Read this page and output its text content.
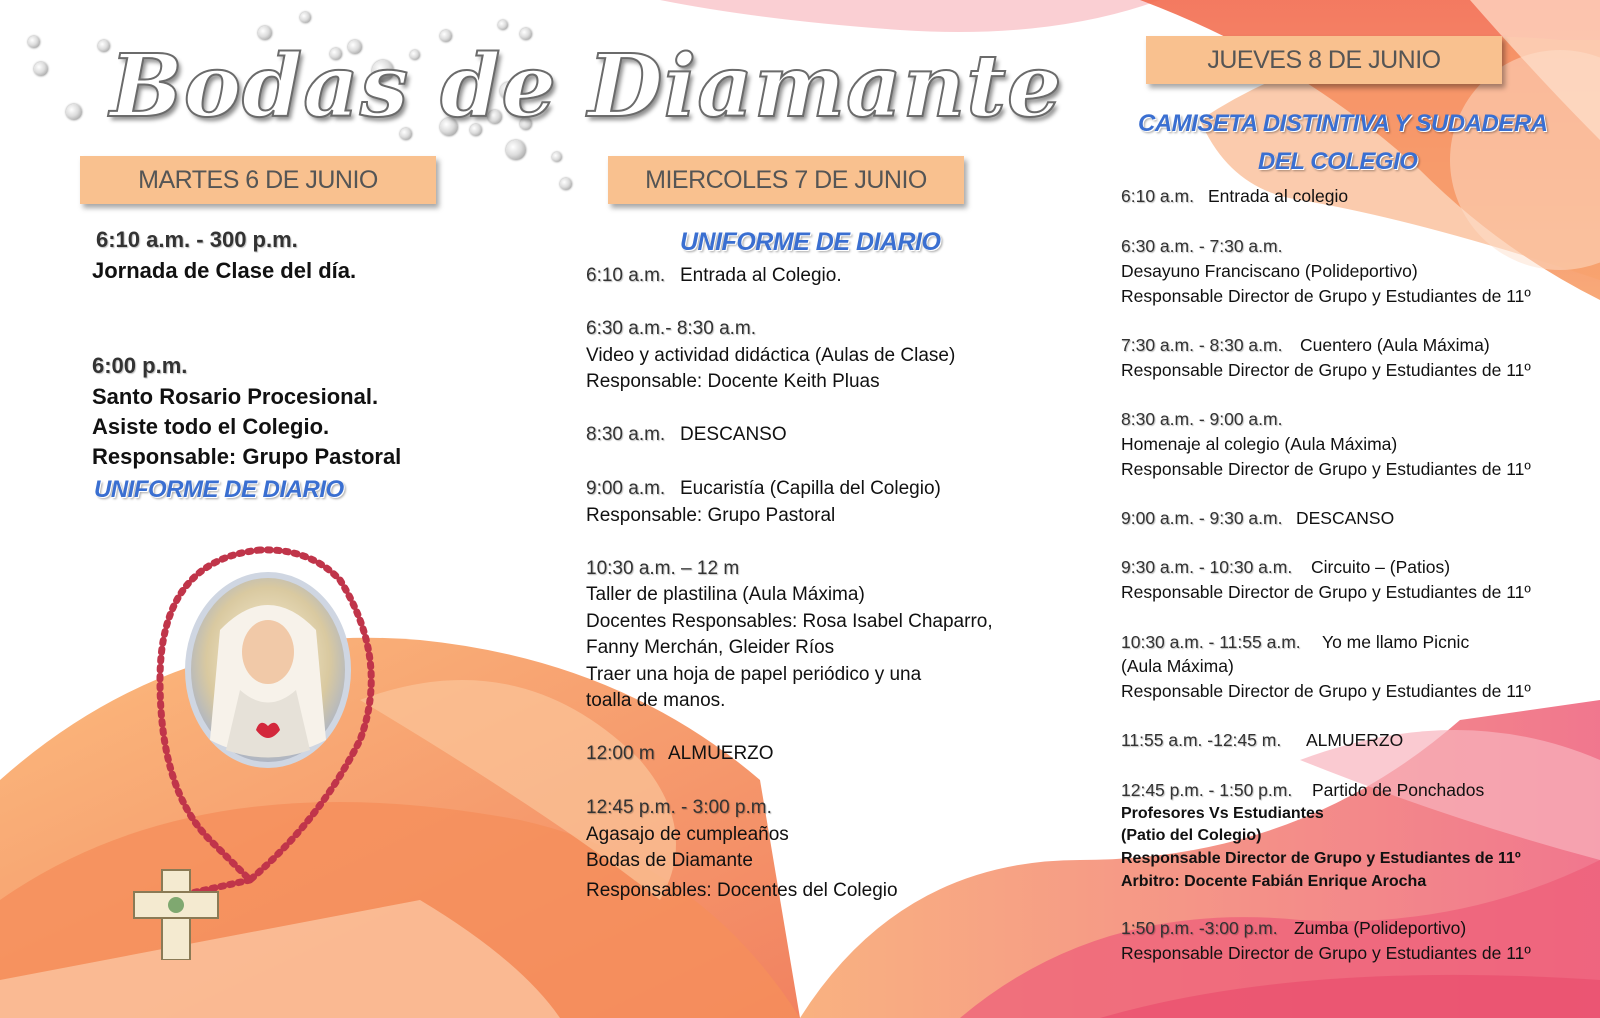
Bodas de Diamante
MARTES 6 DE JUNIO
6:10 a.m. - 300 p.m.
Jornada de Clase del día.
6:00 p.m.
Santo Rosario Procesional.
Asiste todo el Colegio.
Responsable: Grupo Pastoral
UNIFORME DE DIARIO
MIERCOLES 7 DE JUNIO
UNIFORME DE DIARIO
6:10 a.m. Entrada al Colegio.
6:30 a.m.- 8:30 a.m.
Video y actividad didáctica (Aulas de Clase)
Responsable: Docente Keith Pluas
8:30 a.m. DESCANSO
9:00 a.m. Eucaristía (Capilla del Colegio)
Responsable: Grupo Pastoral
10:30 a.m. – 12 m
Taller de plastilina (Aula Máxima)
Docentes Responsables: Rosa Isabel Chaparro,
Fanny Merchán, Gleider Ríos
Traer una hoja de papel periódico y una
toalla de manos.
12:00 m ALMUERZO
12:45 p.m. - 3:00 p.m.
Agasajo de cumpleaños
Bodas de Diamante
Responsables: Docentes del Colegio
JUEVES 8 DE JUNIO
CAMISETA DISTINTIVA Y SUDADERA
DEL COLEGIO
6:10 a.m. Entrada al colegio
6:30 a.m. - 7:30 a.m.
Desayuno Franciscano (Polideportivo)
Responsable Director de Grupo y Estudiantes de 11º
7:30 a.m. - 8:30 a.m. Cuentero (Aula Máxima)
Responsable Director de Grupo y Estudiantes de 11º
8:30 a.m. - 9:00 a.m.
Homenaje al colegio (Aula Máxima)
Responsable Director de Grupo y Estudiantes de 11º
9:00 a.m. - 9:30 a.m. DESCANSO
9:30 a.m. - 10:30 a.m. Circuito – (Patios)
Responsable Director de Grupo y Estudiantes de 11º
10:30 a.m. - 11:55 a.m. Yo me llamo Picnic
(Aula Máxima)
Responsable Director de Grupo y Estudiantes de 11º
11:55 a.m. -12:45 m. ALMUERZO
12:45 p.m. - 1:50 p.m. Partido de Ponchados
Profesores Vs Estudiantes
(Patio del Colegio)
Responsable Director de Grupo y Estudiantes de 11º
Arbitro: Docente Fabián Enrique Arocha
1:50 p.m. -3:00 p.m. Zumba (Polideportivo)
Responsable Director de Grupo y Estudiantes de 11º
